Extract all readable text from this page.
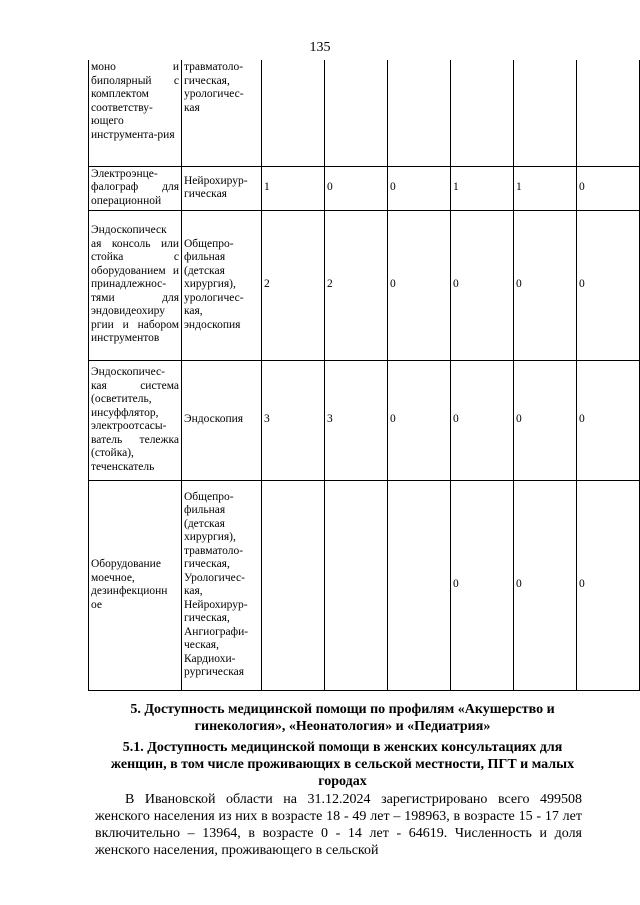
135
моно и биполярный с комплектом соответству-ющего инструмента-рия	травматоло-гическая, урологичес-кая						
Электроэнце-фалограф для операционной	Нейрохирур-гическая	1	0	0	1	1	0
Эндоскопическ ая консоль или стойка с оборудованием и принадлежнос-тями для эндовидеохиру ргии и набором инструментов	Общепро-фильная (детская хирургия), урологичес-кая, эндоскопия	2	2	0	0	0	0
Эндоскопичес-кая система (осветитель, инсуффлятор, электроотсасы-ватель тележка (стойка), теченскатель	Эндоскопия	3	3	0	0	0	0
Оборудование моечное, дезинфекционн ое	Общепро-фильная (детская хирургия), травматоло-гическая, Урологичес-кая, Нейрохирур-гическая, Ангиографи-ческая, Кардиохи-рургическая				0	0	0
5. Доступность медицинской помощи по профилям «Акушерство и гинекология», «Неонатология» и «Педиатрия»
5.1. Доступность медицинской помощи в женских консультациях для женщин, в том числе проживающих в сельской местности, ПГТ и малых городах
В Ивановской области на 31.12.2024 зарегистрировано всего 499508 женского населения из них в возрасте 18 - 49 лет – 198963, в возрасте 15 - 17 лет включительно – 13964, в возрасте 0 - 14 лет - 64619. Численность и доля женского населения, проживающего в сельской
